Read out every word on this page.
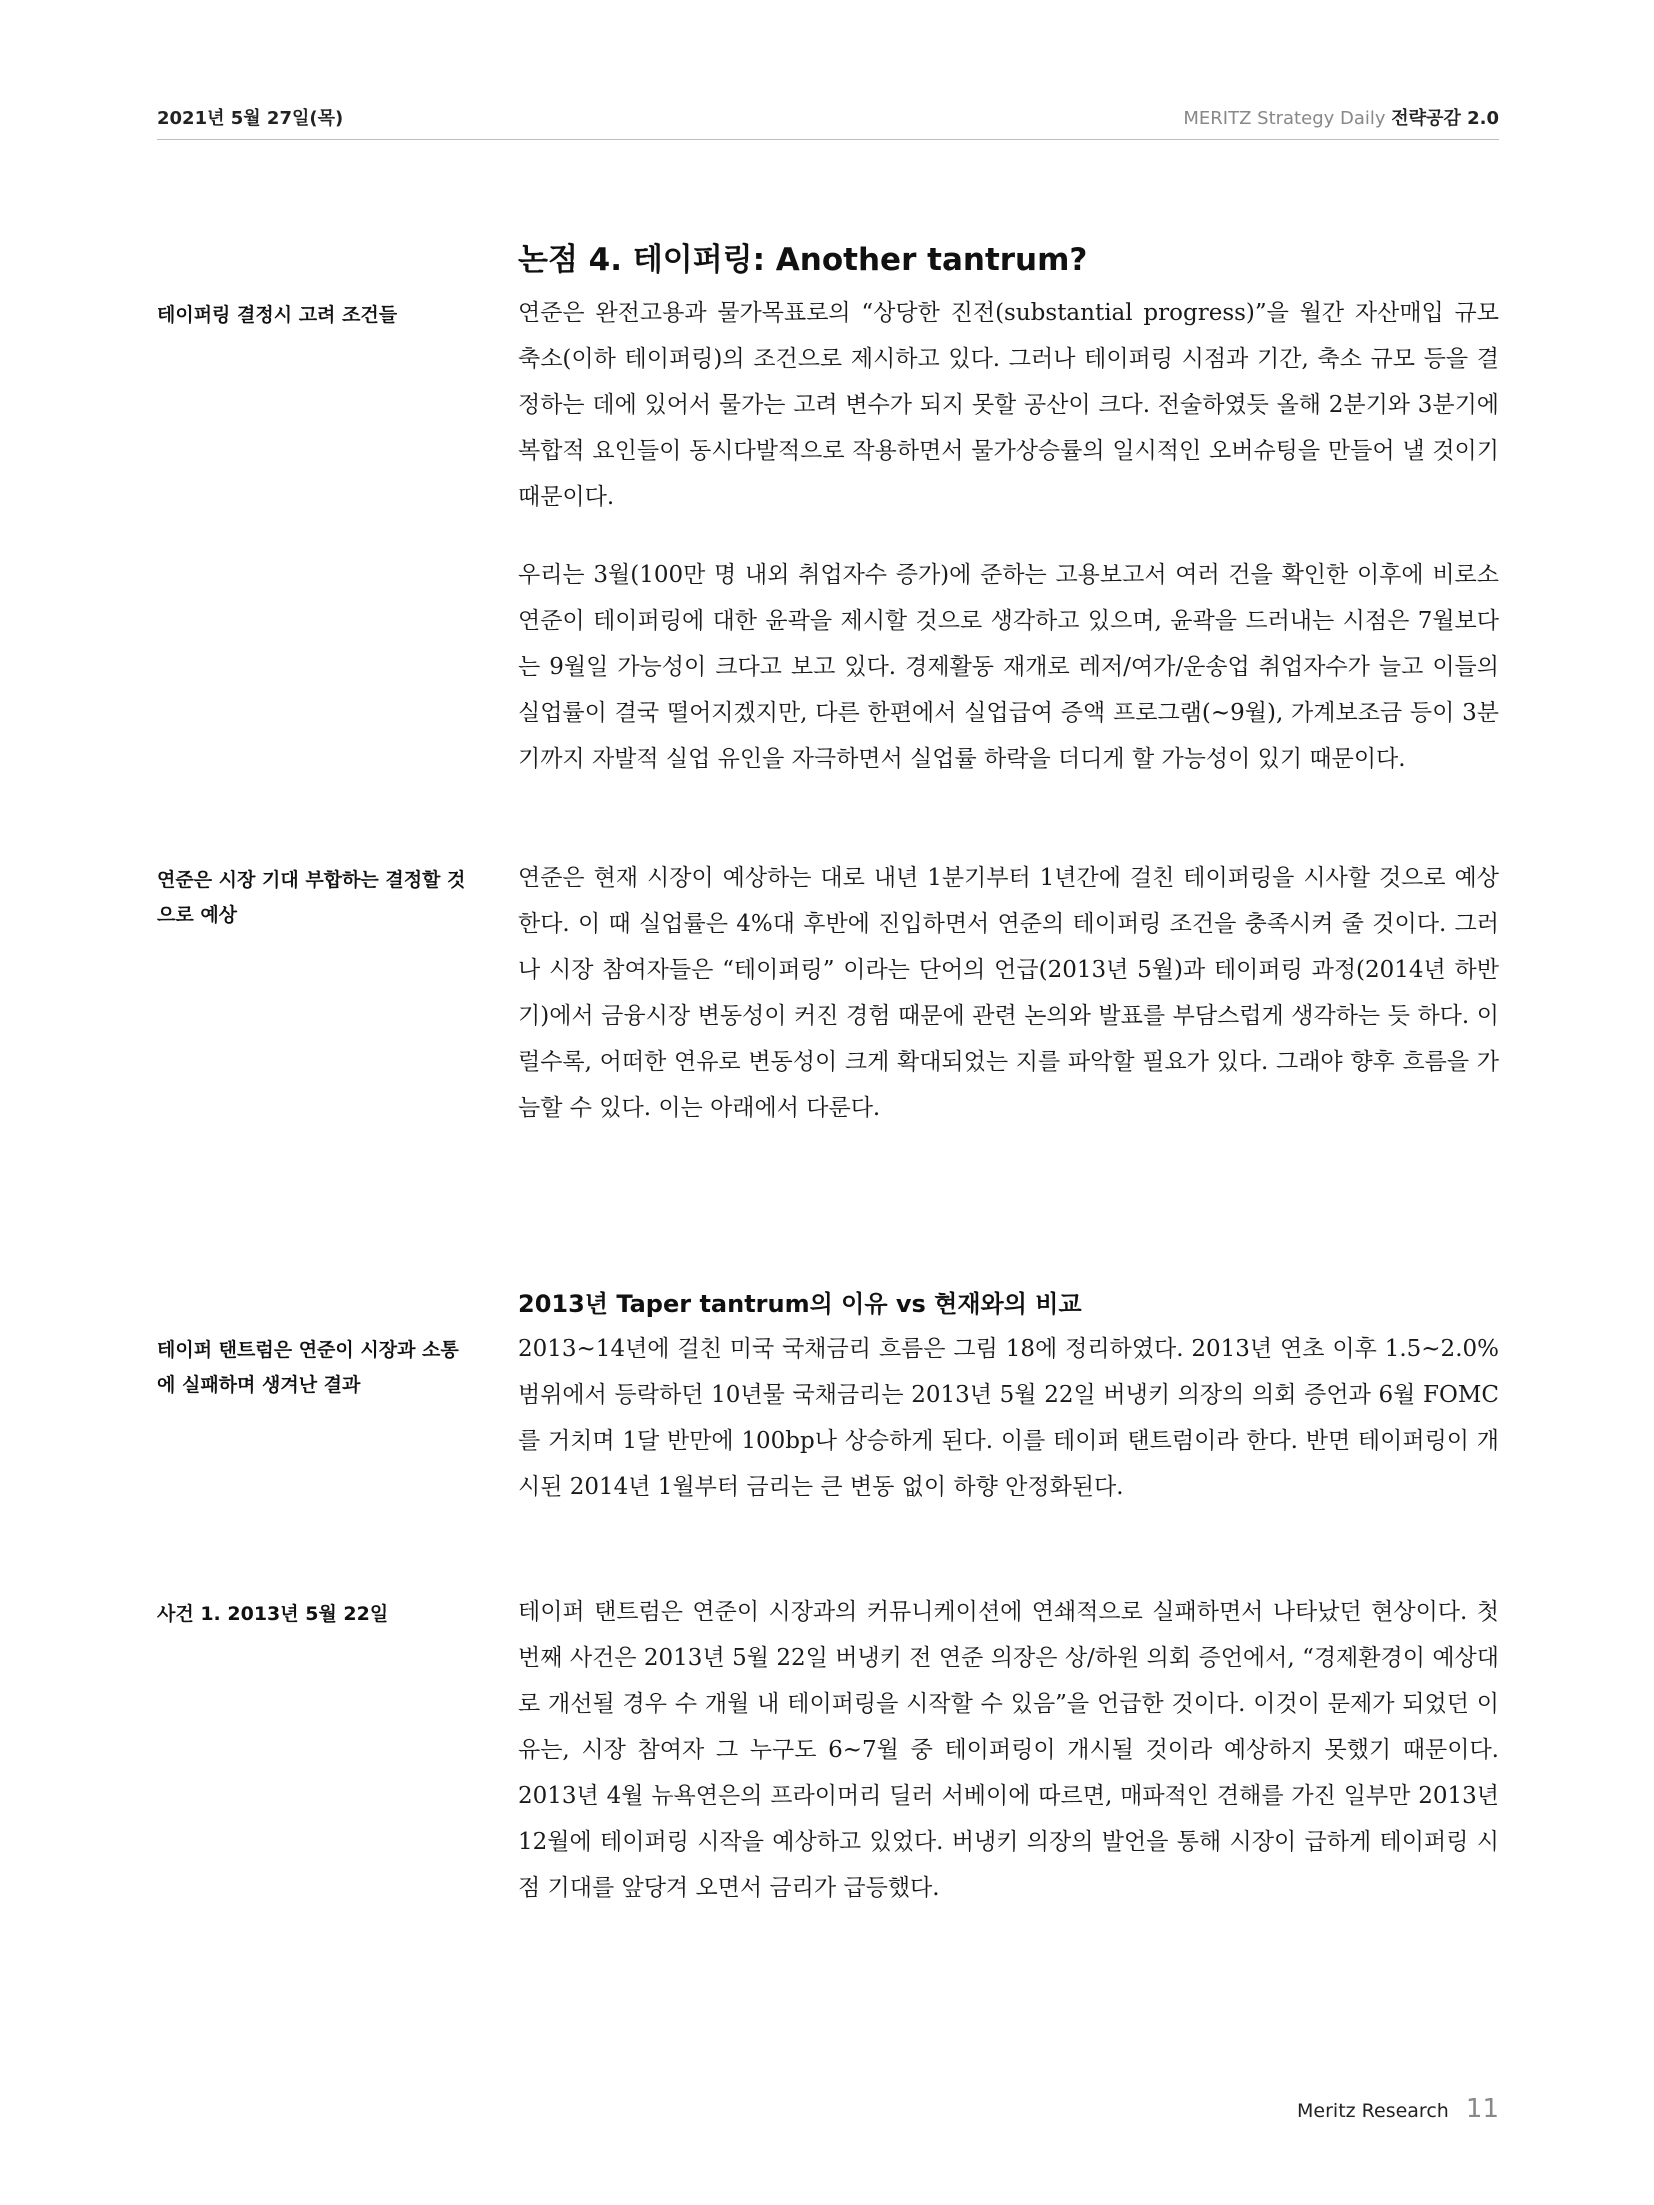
2021년 5월 27일(목)	MERITZ Strategy Daily 전략공감 2.0
논점 4. 테이퍼링: Another tantrum?
테이퍼링 결정시 고려 조건들	연준은 완전고용과 물가목표로의 “상당한 진전(substantial progress)”을 월간 자산매입 규모 축소(이하 테이퍼링)의 조건으로 제시하고 있다. 그러나 테이퍼링 시점과 기간, 축소 규모 등을 결정하는 데에 있어서 물가는 고려 변수가 되지 못할 공산이 크다. 전술하였듯 올해 2분기와 3분기에 복합적 요인들이 동시다발적으로 작용하면서 물가상승률의 일시적인 오버슈팅을 만들어 낼 것이기 때문이다.
우리는 3월(100만 명 내외 취업자수 증가)에 준하는 고용보고서 여러 건을 확인한 이후에 비로소 연준이 테이퍼링에 대한 윤곽을 제시할 것으로 생각하고 있으며, 윤곽을 드러내는 시점은 7월보다는 9월일 가능성이 크다고 보고 있다. 경제활동 재개로 레저/여가/운송업 취업자수가 늘고 이들의 실업률이 결국 떨어지겠지만, 다른 한편에서 실업급여 증액 프로그램(~9월), 가계보조금 등이 3분기까지 자발적 실업 유인을 자극하면서 실업률 하락을 더디게 할 가능성이 있기 때문이다.
연준은 시장 기대 부합하는 결정할 것으로 예상
연준은 현재 시장이 예상하는 대로 내년 1분기부터 1년간에 걸친 테이퍼링을 시사할 것으로 예상한다. 이 때 실업률은 4%대 후반에 진입하면서 연준의 테이퍼링 조건을 충족시켜 줄 것이다. 그러나 시장 참여자들은 “테이퍼링” 이라는 단어의 언급(2013년 5월)과 테이퍼링 과정(2014년 하반기)에서 금융시장 변동성이 커진 경험 때문에 관련 논의와 발표를 부담스럽게 생각하는 듯 하다. 이럴수록, 어떠한 연유로 변동성이 크게 확대되었는 지를 파악할 필요가 있다. 그래야 향후 흐름을 가늠할 수 있다. 이는 아래에서 다룬다.
2013년 Taper tantrum의 이유 vs 현재와의 비교
테이퍼 탠트럼은 연준이 시장과 소통에 실패하며 생겨난 결과
2013~14년에 걸친 미국 국채금리 흐름은 그림 18에 정리하였다. 2013년 연초 이후 1.5~2.0% 범위에서 등락하던 10년물 국채금리는 2013년 5월 22일 버냉키 의장의 의회 증언과 6월 FOMC를 거치며 1달 반만에 100bp나 상승하게 된다. 이를 테이퍼 탠트럼이라 한다. 반면 테이퍼링이 개시된 2014년 1월부터 금리는 큰 변동 없이 하향 안정화된다.
사건 1. 2013년 5월 22일	테이퍼 탠트럼은 연준이 시장과의 커뮤니케이션에 연쇄적으로 실패하면서 나타났던 현상이다. 첫 번째 사건은 2013년 5월 22일 버냉키 전 연준 의장은 상/하원 의회 증언에서, “경제환경이 예상대로 개선될 경우 수 개월 내 테이퍼링을 시작할 수 있음”을 언급한 것이다. 이것이 문제가 되었던 이유는, 시장 참여자 그 누구도 6~7월 중 테이퍼링이 개시될 것이라 예상하지 못했기 때문이다. 2013년 4월 뉴욕연은의 프라이머리 딜러 서베이에 따르면, 매파적인 견해를 가진 일부만 2013년 12월에 테이퍼링 시작을 예상하고 있었다. 버냉키 의장의 발언을 통해 시장이 급하게 테이퍼링 시점 기대를 앞당겨 오면서 금리가 급등했다.
Meritz Research 11
